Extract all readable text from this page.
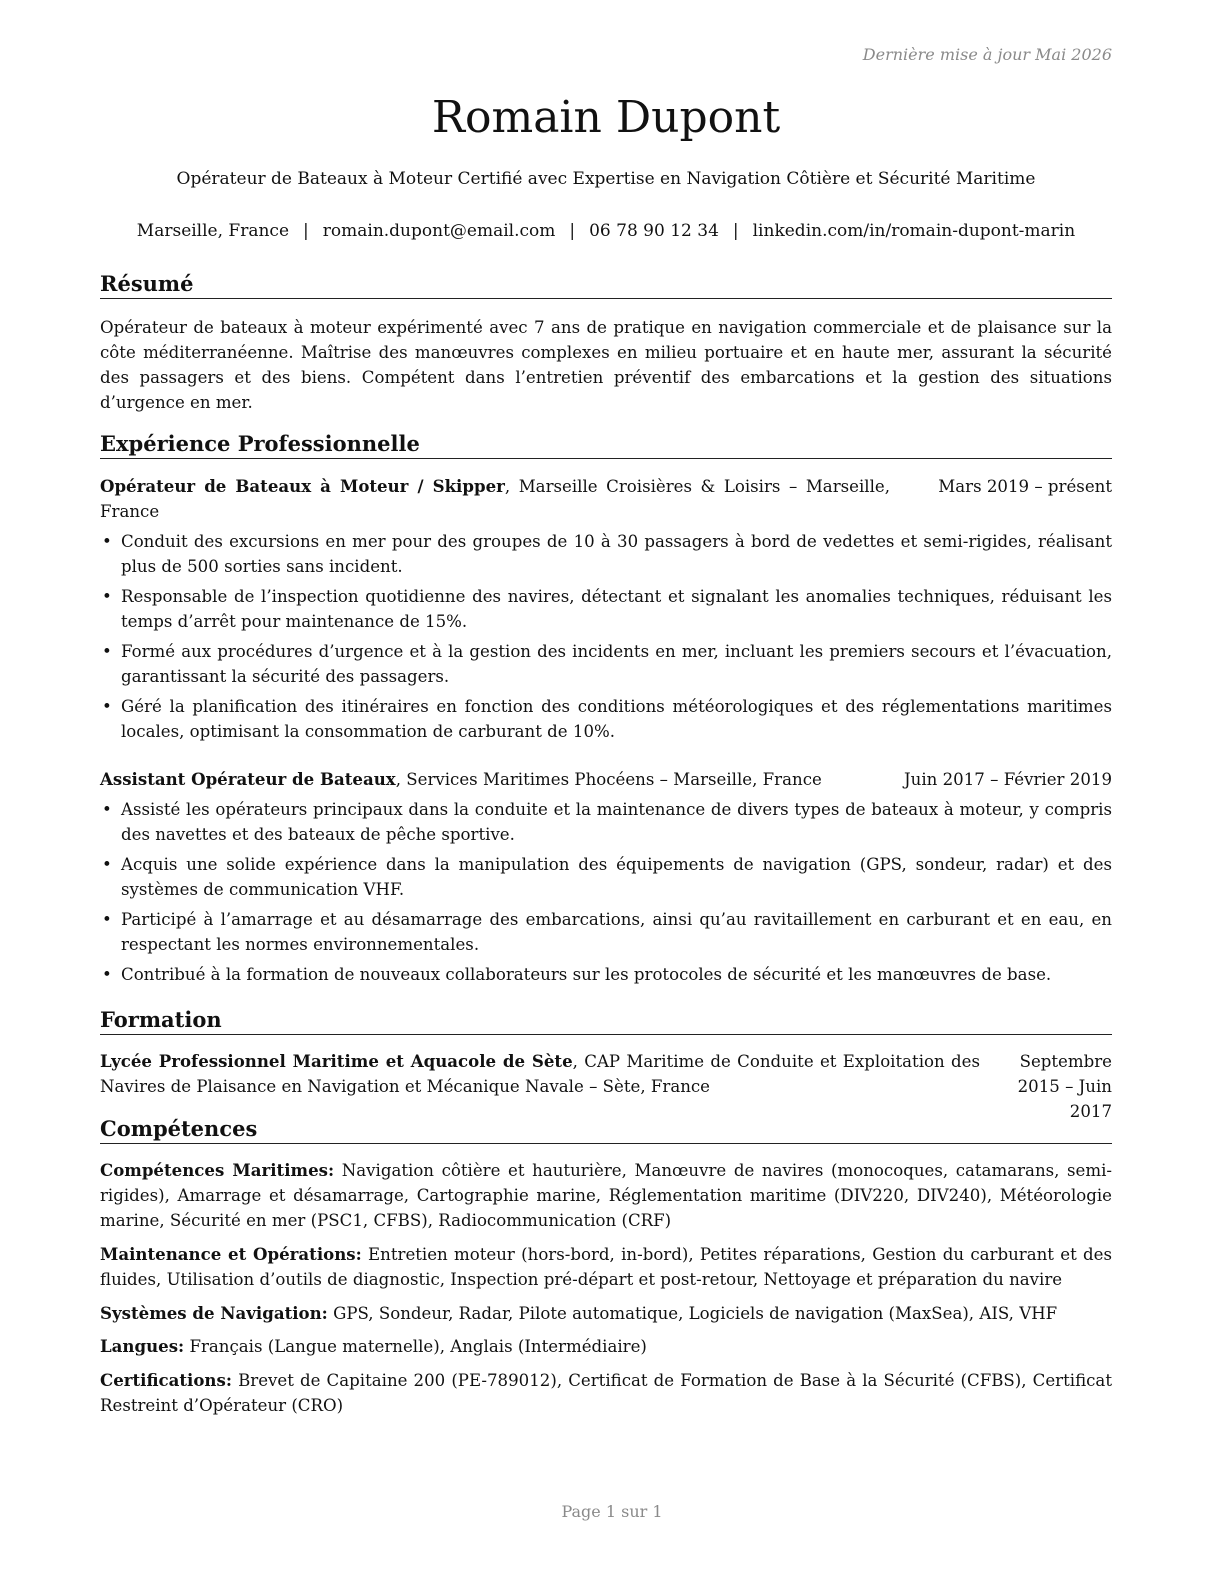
Dernière mise à jour Mai 2026
Romain Dupont
Opérateur de Bateaux à Moteur Certifié avec Expertise en Navigation Côtière et Sécurité Maritime
Marseille, France | romain.dupont@email.com | 06 78 90 12 34 | linkedin.com/in/romain-dupont-marin
Résumé
Opérateur de bateaux à moteur expérimenté avec 7 ans de pratique en navigation commerciale et de plaisance sur la côte méditerranéenne. Maîtrise des manœuvres complexes en milieu portuaire et en haute mer, assurant la sécurité des passagers et des biens. Compétent dans l’entretien préventif des embarcations et la gestion des situations d’urgence en mer.
Expérience Professionnelle
Opérateur de Bateaux à Moteur / Skipper, Marseille Croisières & Loisirs – Marseille, France
Mars 2019 – présent
• Conduit des excursions en mer pour des groupes de 10 à 30 passagers à bord de vedettes et semi-rigides, réalisant plus de 500 sorties sans incident.
• Responsable de l’inspection quotidienne des navires, détectant et signalant les anomalies techniques, réduisant les temps d’arrêt pour maintenance de 15%.
• Formé aux procédures d’urgence et à la gestion des incidents en mer, incluant les premiers secours et l’évacuation, garantissant la sécurité des passagers.
• Géré la planification des itinéraires en fonction des conditions météorologiques et des réglementations maritimes locales, optimisant la consommation de carburant de 10%.
Assistant Opérateur de Bateaux, Services Maritimes Phocéens – Marseille, France	Juin 2017 – Février 2019
• Assisté les opérateurs principaux dans la conduite et la maintenance de divers types de bateaux à moteur, y compris des navettes et des bateaux de pêche sportive.
• Acquis une solide expérience dans la manipulation des équipements de navigation (GPS, sondeur, radar) et des systèmes de communication VHF.
• Participé à l’amarrage et au désamarrage des embarcations, ainsi qu’au ravitaillement en carburant et en eau, en respectant les normes environnementales.
• Contribué à la formation de nouveaux collaborateurs sur les protocoles de sécurité et les manœuvres de base.
Formation
Lycée Professionnel Maritime et Aquacole de Sète, CAP Maritime de Conduite et Exploitation des Navires de Plaisance en Navigation et Mécanique Navale – Sète, France
Septembre 2015 – Juin 2017
Compétences
Compétences Maritimes: Navigation côtière et hauturière, Manœuvre de navires (monocoques, catamarans, semi-rigides), Amarrage et désamarrage, Cartographie marine, Réglementation maritime (DIV220, DIV240), Météorologie marine, Sécurité en mer (PSC1, CFBS), Radiocommunication (CRF)
Maintenance et Opérations: Entretien moteur (hors-bord, in-bord), Petites réparations, Gestion du carburant et des fluides, Utilisation d’outils de diagnostic, Inspection pré-départ et post-retour, Nettoyage et préparation du navire
Systèmes de Navigation: GPS, Sondeur, Radar, Pilote automatique, Logiciels de navigation (MaxSea), AIS, VHF
Langues: Français (Langue maternelle), Anglais (Intermédiaire)
Certifications: Brevet de Capitaine 200 (PE-789012), Certificat de Formation de Base à la Sécurité (CFBS), Certificat Restreint d’Opérateur (CRO)
Page 1 sur 1
